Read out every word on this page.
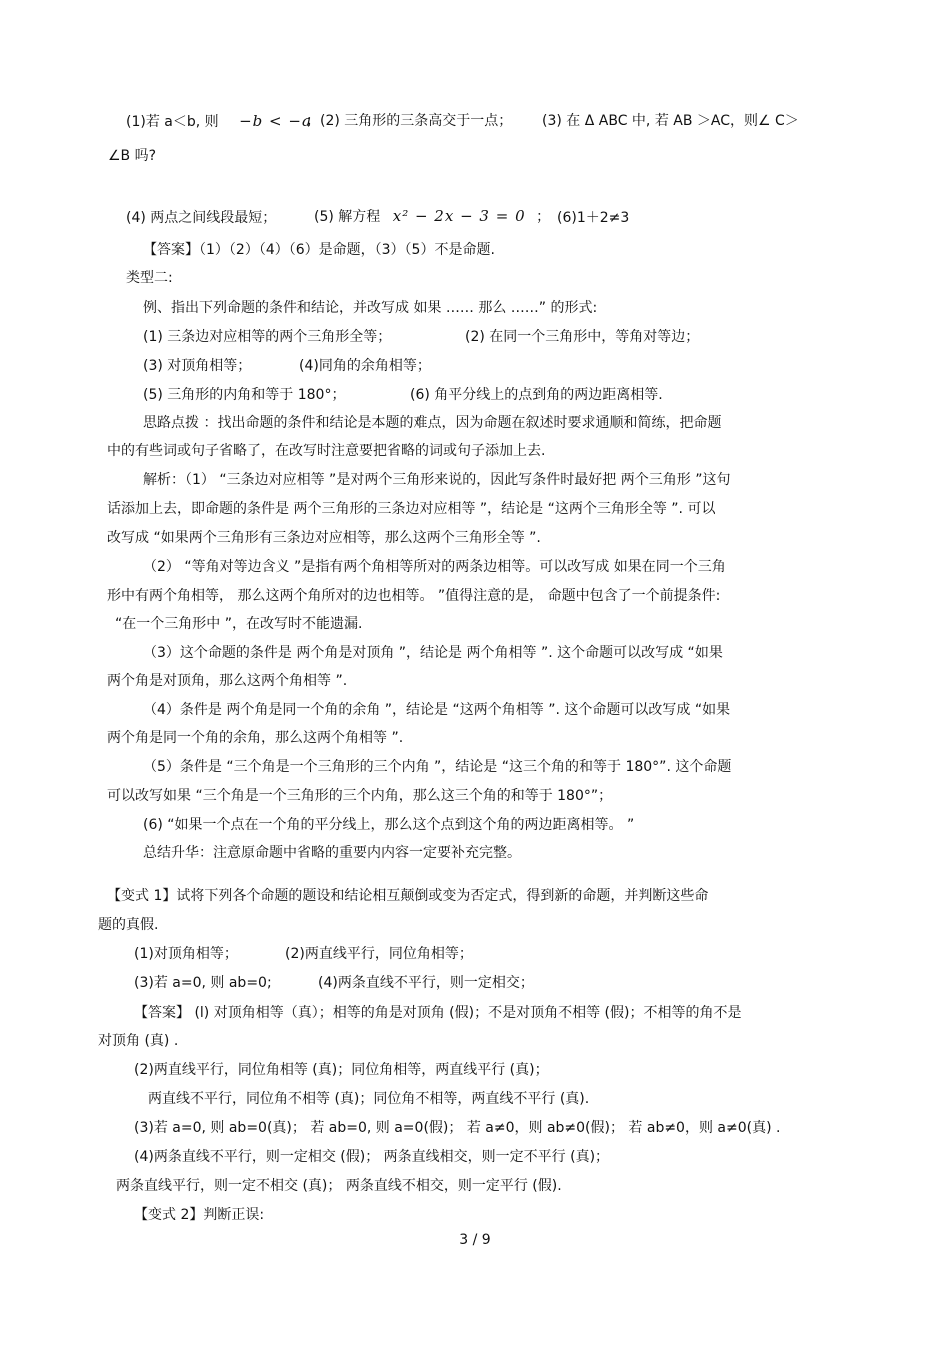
(1)若 a＜b, 则 −b < −a
；(2) 三角形的三条高交于一点； (3) 在 Δ ABC 中, 若 AB ＞AC，则∠ C＞
∠B 吗?
(4) 两点之间线段最短；	(5) 解方程 x² − 2x − 3 = 0 ； (6)1＋2≠3
【答案】（1）（2）（4）（6）是命题，（3）（5）不是命题.
类型二:
例、指出下列命题的条件和结论，并改写成 如果 …… 那么 ……” 的形式:
(1) 三条边对应相等的两个三角形全等；	(2) 在同一个三角形中，等角对等边；
(3) 对顶角相等；	(4)同角的余角相等；
(5) 三角形的内角和等于 180°；	(6) 角平分线上的点到角的两边距离相等.
思路点拨 ：找出命题的条件和结论是本题的难点，因为命题在叙述时要求通顺和简练，把命题
中的有些词或句子省略了，在改写时注意要把省略的词或句子添加上去.
解析：（1） “三条边对应相等 ”是对两个三角形来说的，因此写条件时最好把 两个三角形 ”这句
话添加上去，即命题的条件是 两个三角形的三条边对应相等 ”，结论是 “这两个三角形全等 ”. 可以
改写成 “如果两个三角形有三条边对应相等，那么这两个三角形全等 ”.
（2） “等角对等边含义 ”是指有两个角相等所对的两条边相等。可以改写成 如果在同一个三角
形中有两个角相等， 那么这两个角所对的边也相等。 ”值得注意的是， 命题中包含了一个前提条件:
“在一个三角形中 ”，在改写时不能遗漏.
（3）这个命题的条件是 两个角是对顶角 ”，结论是 两个角相等 ”. 这个命题可以改写成 “如果
两个角是对顶角，那么这两个角相等 ”.
（4）条件是 两个角是同一个角的余角 ”，结论是 “这两个角相等 ”. 这个命题可以改写成 “如果
两个角是同一个角的余角，那么这两个角相等 ”.
（5）条件是 “三个角是一个三角形的三个内角 ”，结论是 “这三个角的和等于 180°”. 这个命题
可以改写如果 “三个角是一个三角形的三个内角，那么这三个角的和等于 180°”；
(6) “如果一个点在一个角的平分线上，那么这个点到这个角的两边距离相等。 ”
总结升华：注意原命题中省略的重要内内容一定要补充完整。
【变式 1】试将下列各个命题的题设和结论相互颠倒或变为否定式，得到新的命题，并判断这些命
题的真假.
(1)对顶角相等；	(2)两直线平行，同位角相等；
(3)若 a=0, 则 ab=0;	(4)两条直线不平行，则一定相交；
【答案】 (l) 对顶角相等（真）；相等的角是对顶角 (假)；不是对顶角不相等 (假)；不相等的角不是
对顶角 (真) .
(2)两直线平行，同位角相等 (真)；同位角相等，两直线平行 (真)；
两直线不平行，同位角不相等 (真)；同位角不相等，两直线不平行 (真).
(3)若 a=0, 则 ab=0(真)； 若 ab=0, 则 a=0(假)； 若 a≠0，则 ab≠0(假)； 若 ab≠0，则 a≠0(真) .
(4)两条直线不平行，则一定相交 (假)； 两条直线相交，则一定不平行 (真)；
两条直线平行，则一定不相交 (真)； 两条直线不相交，则一定平行 (假).
【变式 2】判断正误:
3 / 9
